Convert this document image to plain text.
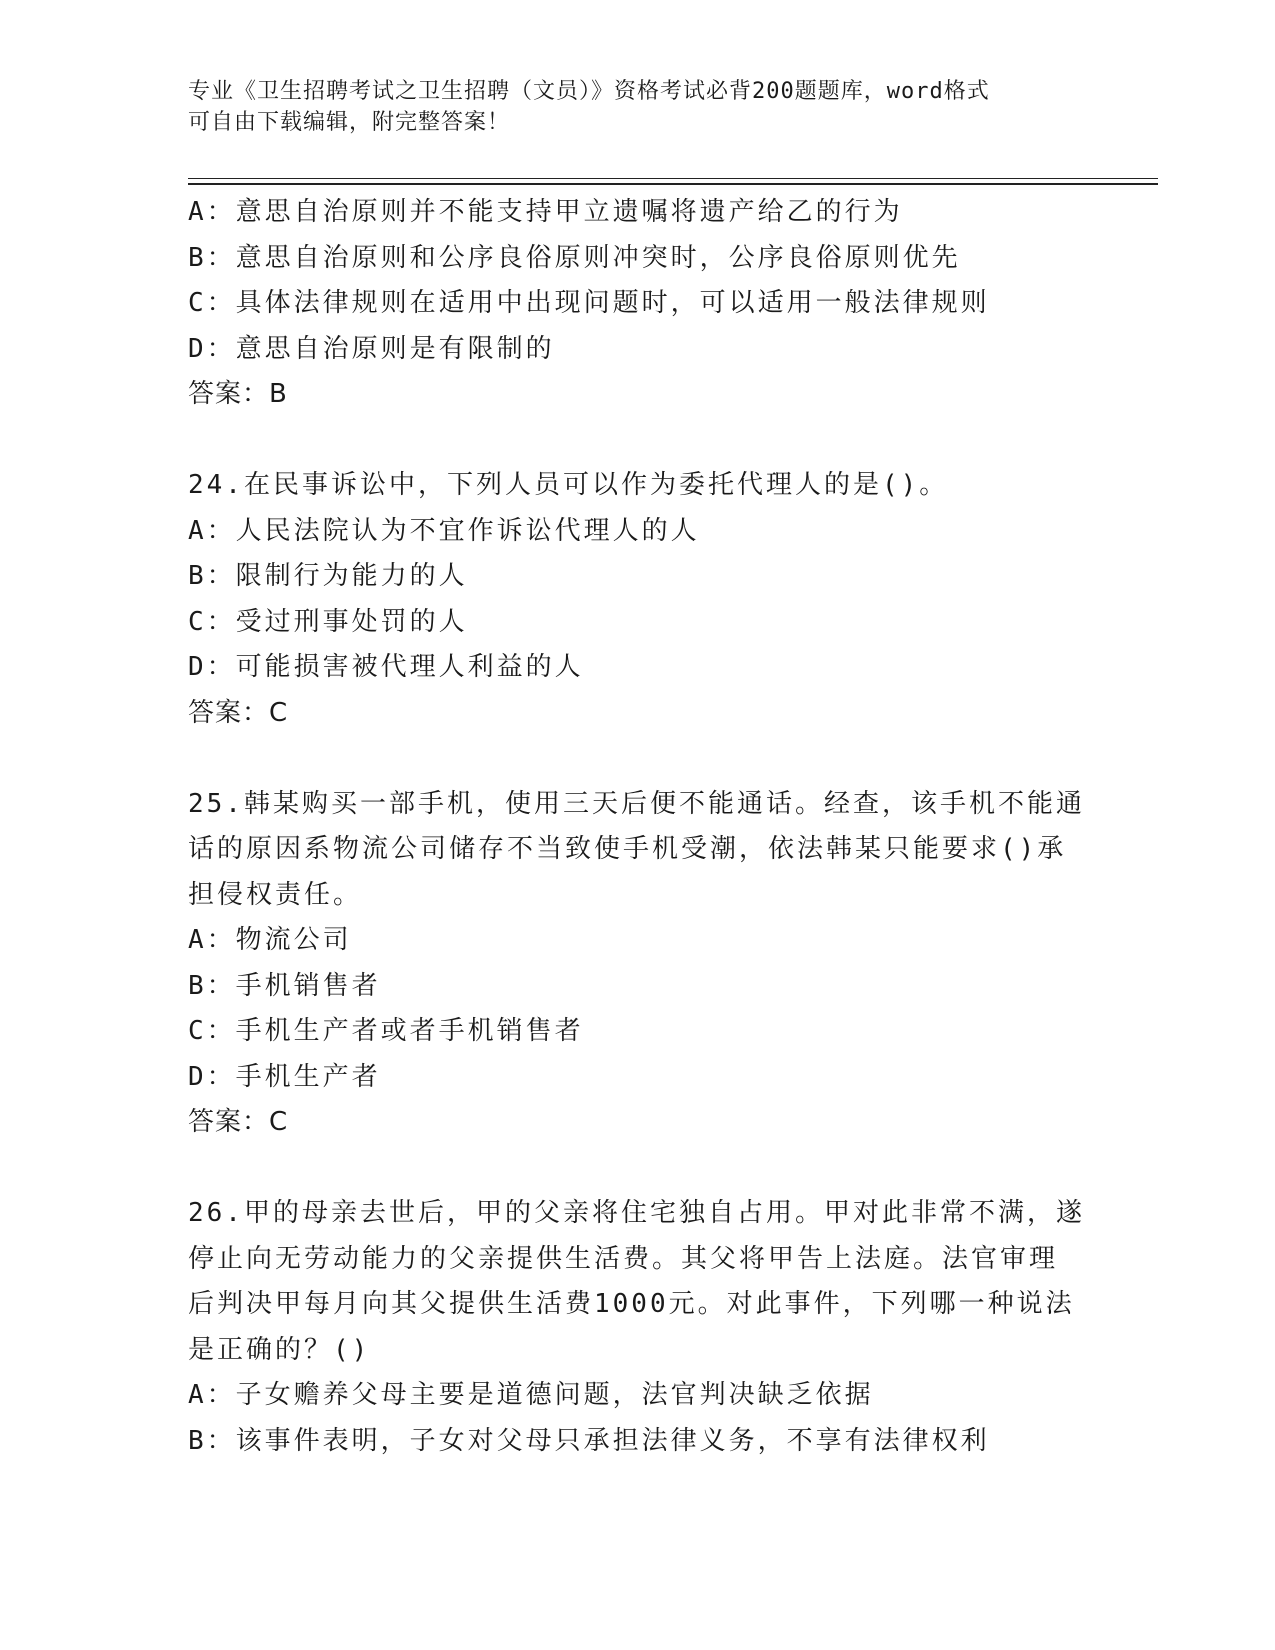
专业《卫生招聘考试之卫生招聘（文员）》资格考试必背200题题库，word格式
可自由下载编辑，附完整答案！
A：意思自治原则并不能支持甲立遗嘱将遗产给乙的行为
B：意思自治原则和公序良俗原则冲突时，公序良俗原则优先
C：具体法律规则在适用中出现问题时，可以适用一般法律规则
D：意思自治原则是有限制的
答案：B
24.在民事诉讼中，下列人员可以作为委托代理人的是()。
A：人民法院认为不宜作诉讼代理人的人
B：限制行为能力的人
C：受过刑事处罚的人
D：可能损害被代理人利益的人
答案：C
25.韩某购买一部手机，使用三天后便不能通话。经查，该手机不能通
话的原因系物流公司储存不当致使手机受潮，依法韩某只能要求()承
担侵权责任。
A：物流公司
B：手机销售者
C：手机生产者或者手机销售者
D：手机生产者
答案：C
26.甲的母亲去世后，甲的父亲将住宅独自占用。甲对此非常不满，遂
停止向无劳动能力的父亲提供生活费。其父将甲告上法庭。法官审理
后判决甲每月向其父提供生活费1000元。对此事件，下列哪一种说法
是正确的？()
A：子女赡养父母主要是道德问题，法官判决缺乏依据
B：该事件表明，子女对父母只承担法律义务，不享有法律权利
